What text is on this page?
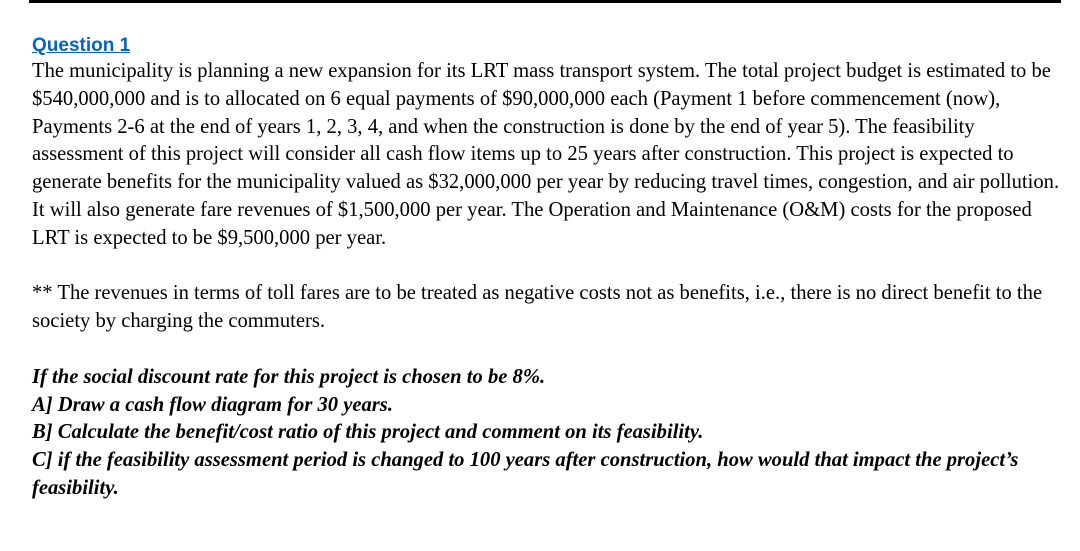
Question 1

The municipality is planning a new expansion for its LRT mass transport system. The total project budget is estimated to be $540,000,000 and is to allocated on 6 equal payments of $90,000,000 each (Payment 1 before commencement (now), Payments 2-6 at the end of years 1, 2, 3, 4, and when the construction is done by the end of year 5). The feasibility assessment of this project will consider all cash flow items up to 25 years after construction. This project is expected to generate benefits for the municipality valued as $32,000,000 per year by reducing travel times, congestion, and air pollution. It will also generate fare revenues of $1,500,000 per year. The Operation and Maintenance (O&M) costs for the proposed LRT is expected to be $9,500,000 per year.

** The revenues in terms of toll fares are to be treated as negative costs not as benefits, i.e., there is no direct benefit to the society by charging the commuters.

If the social discount rate for this project is chosen to be 8%.

A] Draw a cash flow diagram for 30 years.

B] Calculate the benefit/cost ratio of this project and comment on its feasibility.

C] if the feasibility assessment period is changed to 100 years after construction, how would that impact the project’s feasibility.
